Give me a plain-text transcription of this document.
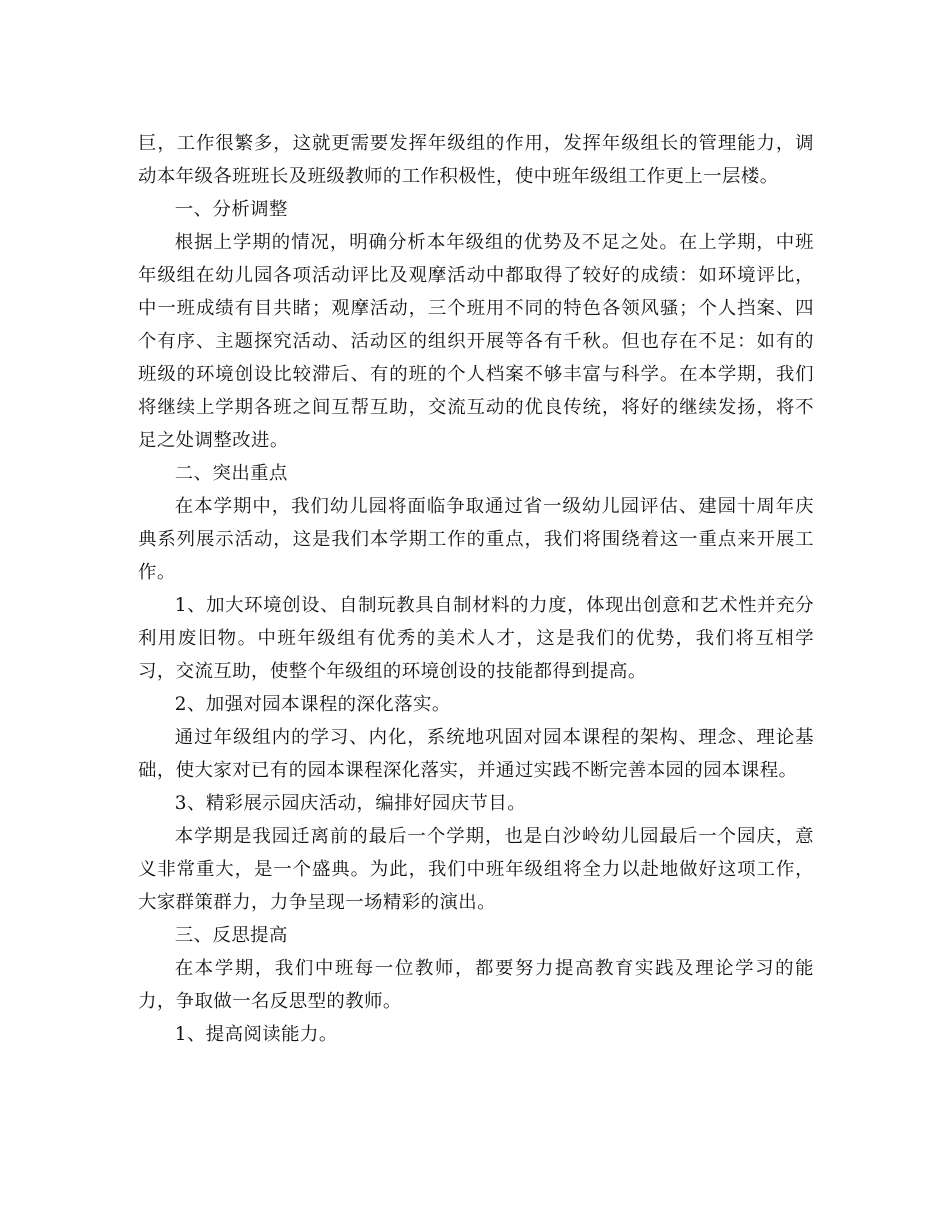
巨，工作很繁多，这就更需要发挥年级组的作用，发挥年级组长的管理能力，调动本年级各班班长及班级教师的工作积极性，使中班年级组工作更上一层楼。

一、分析调整

根据上学期的情况，明确分析本年级组的优势及不足之处。在上学期，中班年级组在幼儿园各项活动评比及观摩活动中都取得了较好的成绩：如环境评比，中一班成绩有目共睹；观摩活动，三个班用不同的特色各领风骚；个人挡案、四个有序、主题探究活动、活动区的组织开展等各有千秋。但也存在不足：如有的班级的环境创设比较滞后、有的班的个人档案不够丰富与科学。在本学期，我们将继续上学期各班之间互帮互助，交流互动的优良传统，将好的继续发扬，将不足之处调整改进。

二、突出重点

在本学期中，我们幼儿园将面临争取通过省一级幼儿园评估、建园十周年庆典系列展示活动，这是我们本学期工作的重点，我们将围绕着这一重点来开展工作。

1、加大环境创设、自制玩教具自制材料的力度，体现出创意和艺术性并充分利用废旧物。中班年级组有优秀的美术人才，这是我们的优势，我们将互相学习，交流互助，使整个年级组的环境创设的技能都得到提高。

2、加强对园本课程的深化落实。

通过年级组内的学习、内化，系统地巩固对园本课程的架构、理念、理论基础，使大家对已有的园本课程深化落实，并通过实践不断完善本园的园本课程。

3、精彩展示园庆活动，编排好园庆节目。

本学期是我园迁离前的最后一个学期，也是白沙岭幼儿园最后一个园庆，意义非常重大，是一个盛典。为此，我们中班年级组将全力以赴地做好这项工作，大家群策群力，力争呈现一场精彩的演出。

三、反思提高

在本学期，我们中班每一位教师，都要努力提高教育实践及理论学习的能力，争取做一名反思型的教师。

1、提高阅读能力。
